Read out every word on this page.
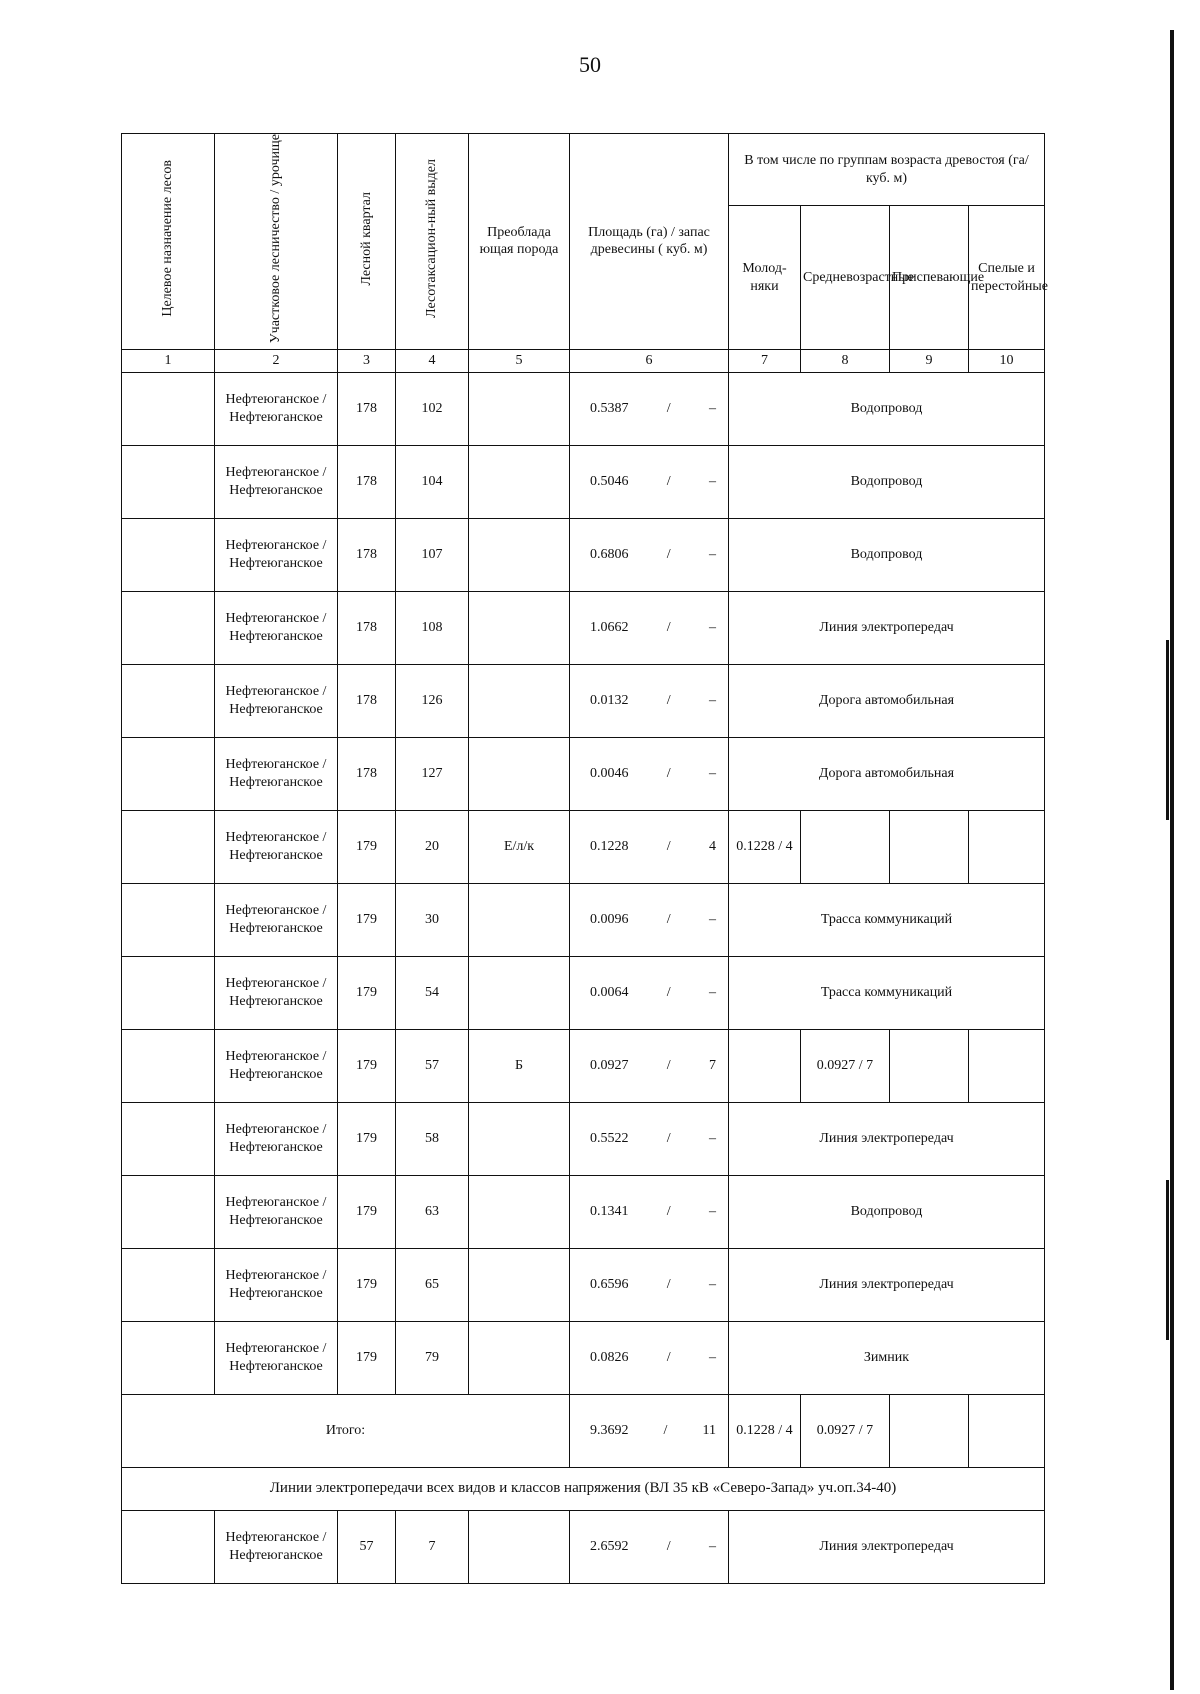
50
Целевое назначение лесов	Участковое лесничество / урочище	Лесной квартал	Лесотаксацион-ный выдел	Преоблада ющая порода	Площадь (га) / запас древесины ( куб. м)	В том числе по группам возраста древостоя (га/ куб. м)			
						Молод-няки	Средневозрастные	Приспевающие	Спелые и перестойные
1	2	3	4	5	6	7	8	9	10
	Нефтеюганское / Нефтеюганское	178	102		0.5387 / –	Водопровод			
	Нефтеюганское / Нефтеюганское	178	104		0.5046 / –	Водопровод			
	Нефтеюганское / Нефтеюганское	178	107		0.6806 / –	Водопровод			
	Нефтеюганское / Нефтеюганское	178	108		1.0662 / –	Линия электропередач			
	Нефтеюганское / Нефтеюганское	178	126		0.0132 / –	Дорога автомобильная			
	Нефтеюганское / Нефтеюганское	178	127		0.0046 / –	Дорога автомобильная			
	Нефтеюганское / Нефтеюганское	179	20	Е/л/к	0.1228 / 4	0.1228 / 4			
	Нефтеюганское / Нефтеюганское	179	30		0.0096 / –	Трасса коммуникаций			
	Нефтеюганское / Нефтеюганское	179	54		0.0064 / –	Трасса коммуникаций			
	Нефтеюганское / Нефтеюганское	179	57	Б	0.0927 / 7		0.0927 / 7		
	Нефтеюганское / Нефтеюганское	179	58		0.5522 / –	Линия электропередач			
	Нефтеюганское / Нефтеюганское	179	63		0.1341 / –	Водопровод			
	Нефтеюганское / Нефтеюганское	179	65		0.6596 / –	Линия электропередач			
	Нефтеюганское / Нефтеюганское	179	79		0.0826 / –	Зимник			
Итого:					9.3692 / 11	0.1228 / 4	0.0927 / 7		
Линии электропередачи всех видов и классов напряжения (ВЛ 35 кВ «Северо-Запад» уч.оп.34-40)									
	Нефтеюганское / Нефтеюганское	57	7		2.6592 / –	Линия электропередач			
